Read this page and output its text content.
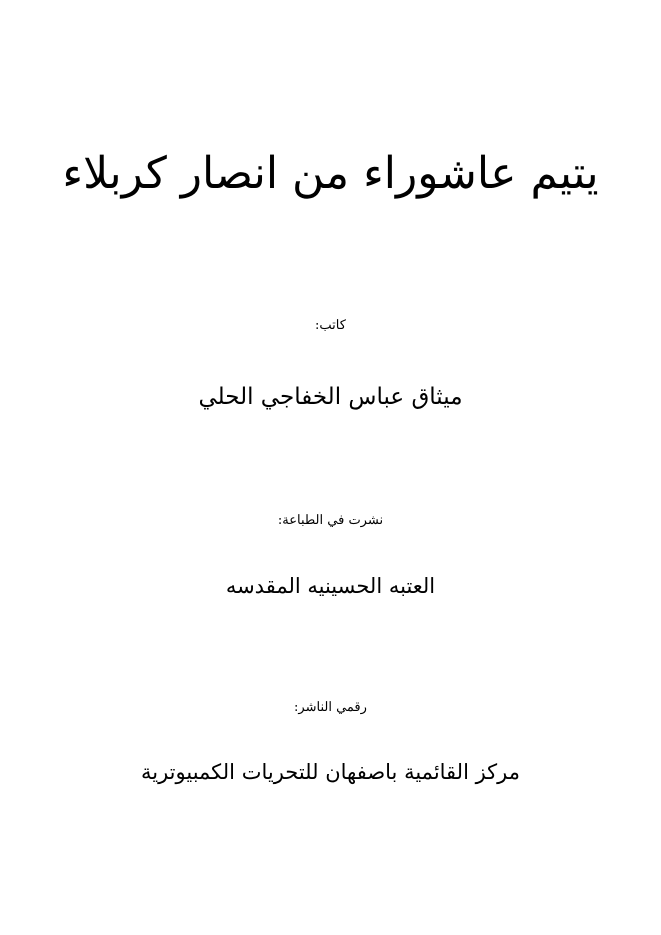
يتيم عاشوراء من انصار كربلاء
كاتب:
ميثاق عباس الخفاجي الحلي
نشرت في الطباعة:
العتبه الحسينيه المقدسه
رقمي الناشر:
مركز القائمية باصفهان للتحريات الكمبيوترية
